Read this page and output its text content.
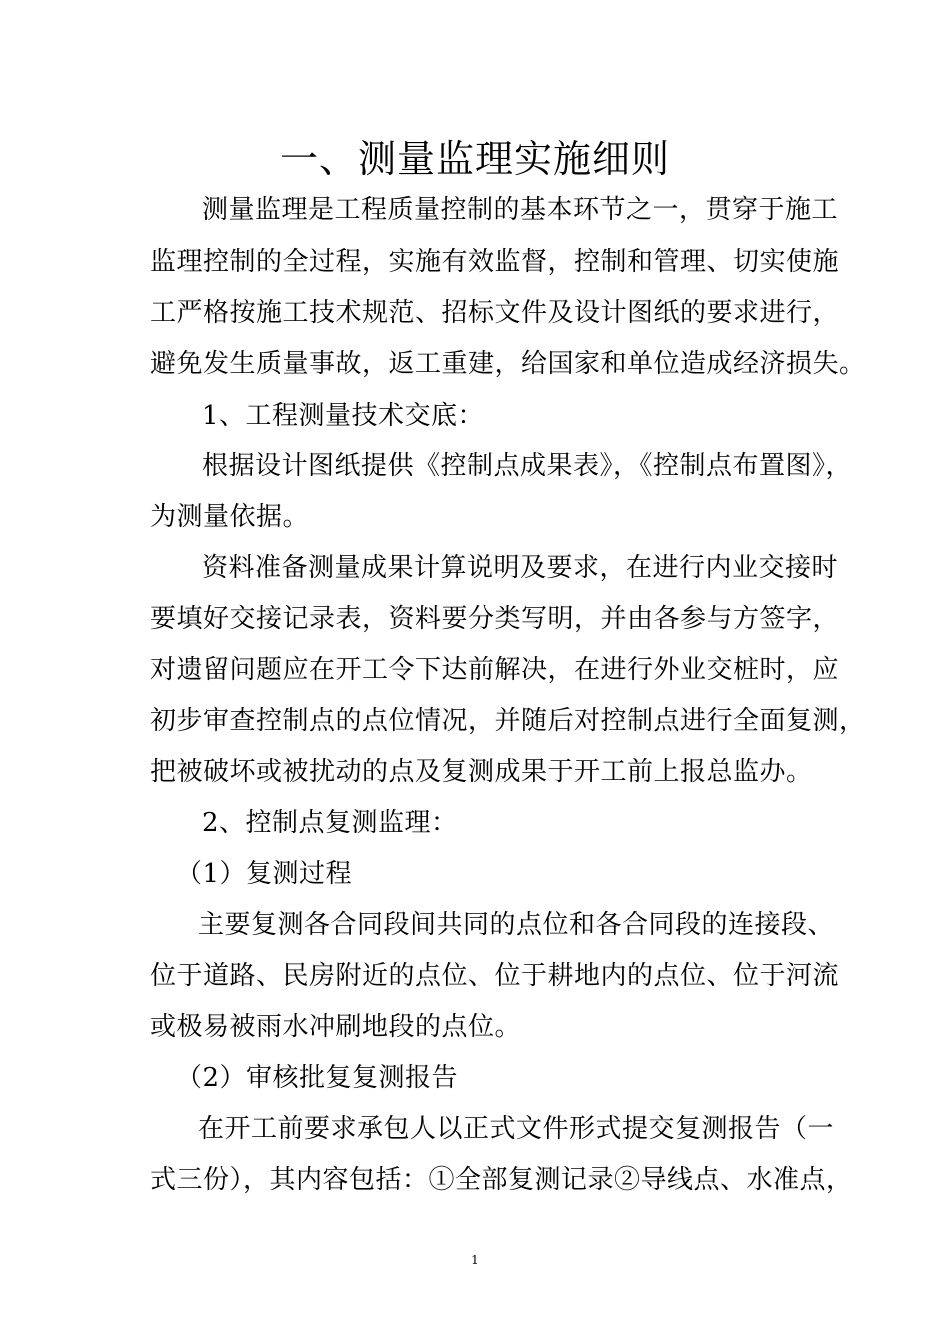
一、测量监理实施细则
测量监理是工程质量控制的基本环节之一，贯穿于施工
监理控制的全过程，实施有效监督，控制和管理、切实使施
工严格按施工技术规范、招标文件及设计图纸的要求进行，
避免发生质量事故，返工重建，给国家和单位造成经济损失。
1、工程测量技术交底：
根据设计图纸提供《控制点成果表》，《控制点布置图》，
为测量依据。
资料准备测量成果计算说明及要求，在进行内业交接时
要填好交接记录表，资料要分类写明，并由各参与方签字，
对遗留问题应在开工令下达前解决，在进行外业交桩时，应
初步审查控制点的点位情况，并随后对控制点进行全面复测，
把被破坏或被扰动的点及复测成果于开工前上报总监办。
2、控制点复测监理：
（1）复测过程
主要复测各合同段间共同的点位和各合同段的连接段、
位于道路、民房附近的点位、位于耕地内的点位、位于河流
或极易被雨水冲刷地段的点位。
（2）审核批复复测报告
在开工前要求承包人以正式文件形式提交复测报告（一
式三份），其内容包括：①全部复测记录②导线点、水准点，
1
